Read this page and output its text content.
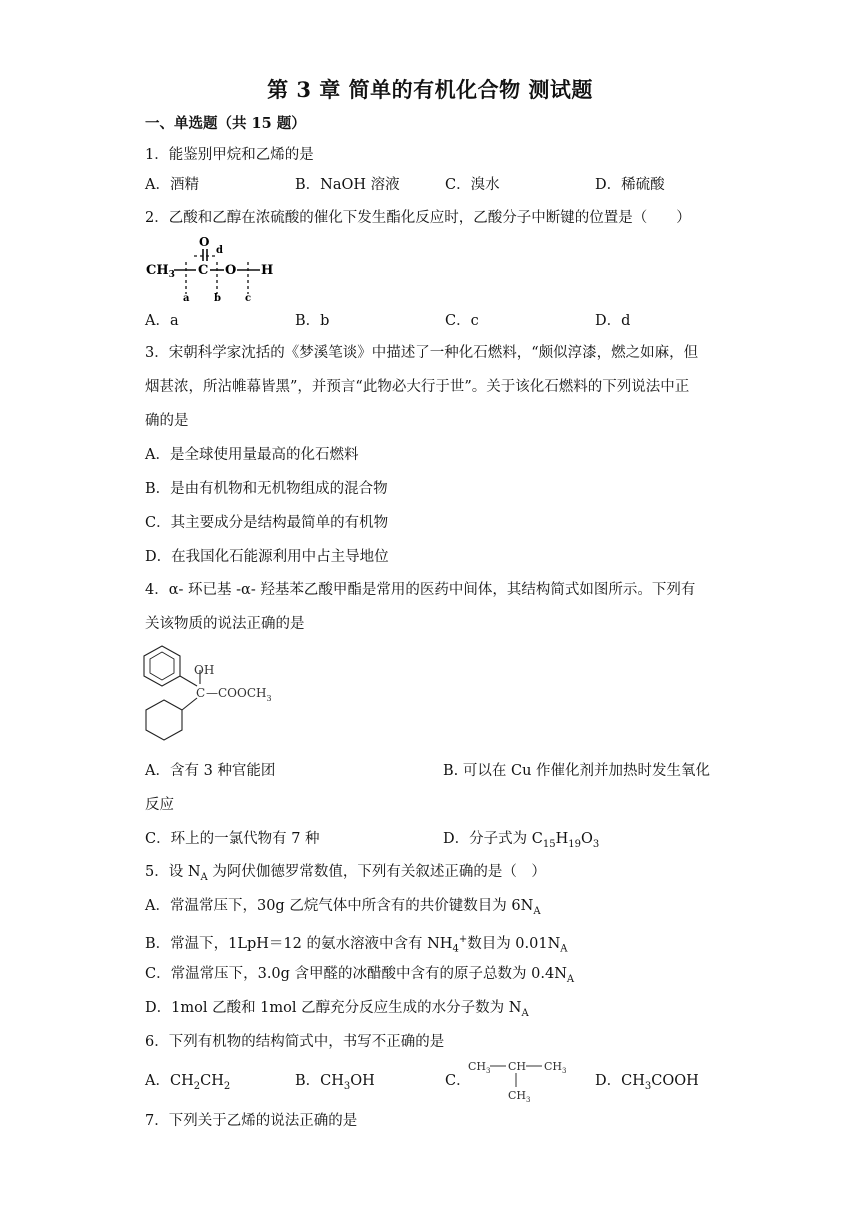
第 3 章 简单的有机化合物 测试题
一、单选题（共 15 题）
1．能鉴别甲烷和乙烯的是
A．酒精	B．NaOH 溶液	C．溴水	D．稀硫酸
2．乙酸和乙醇在浓硫酸的催化下发生酯化反应时，乙酸分子中断键的位置是（　　）
$CH_3$ C
O
O H
a b c
d
A．a	B．b	C．c	D．d
3．宋朝科学家沈括的《梦溪笔谈》中描述了一种化石燃料，“颇似淳漆，燃之如麻，但
烟甚浓，所沾帷幕皆黑”，并预言“此物必大行于世”。关于该化石燃料的下列说法中正
确的是
A．是全球使用量最高的化石燃料
B．是由有机物和无机物组成的混合物
C．其主要成分是结构最简单的有机物
D．在我国化石能源利用中占主导地位
4．α- 环已基 -α- 羟基苯乙酸甲酯是常用的医药中间体，其结构简式如图所示。下列有
关该物质的说法正确的是
OH
C $—COOCH_3$
A．含有 3 种官能团	B. 可以在 Cu 作催化剂并加热时发生氧化
反应
C．环上的一氯代物有 7 种	D．分子式为 $C_{15}H_{19}O_3$
5．设 $N_A$ 为阿伏伽德罗常数值，下列有关叙述正确的是（　）
A．常温常压下，30g 乙烷气体中所含有的共价键数目为 $6N_A$
B．常温下，1LpH＝12 的氨水溶液中含有 $NH_4^+$数目为 $0.01N_A$
C．常温常压下，3.0g 含甲醛的冰醋酸中含有的原子总数为 $0.4N_A$
D．1mol 乙酸和 1mol 乙醇充分反应生成的水分子数为 $N_A$
6．下列有机物的结构简式中，书写不正确的是
A．$CH_2CH_2$	B．$CH_3OH$	C．
$CH_3$ CH $CH_3$
$CH_3$
D．$CH_3COOH$
7．下列关于乙烯的说法正确的是
